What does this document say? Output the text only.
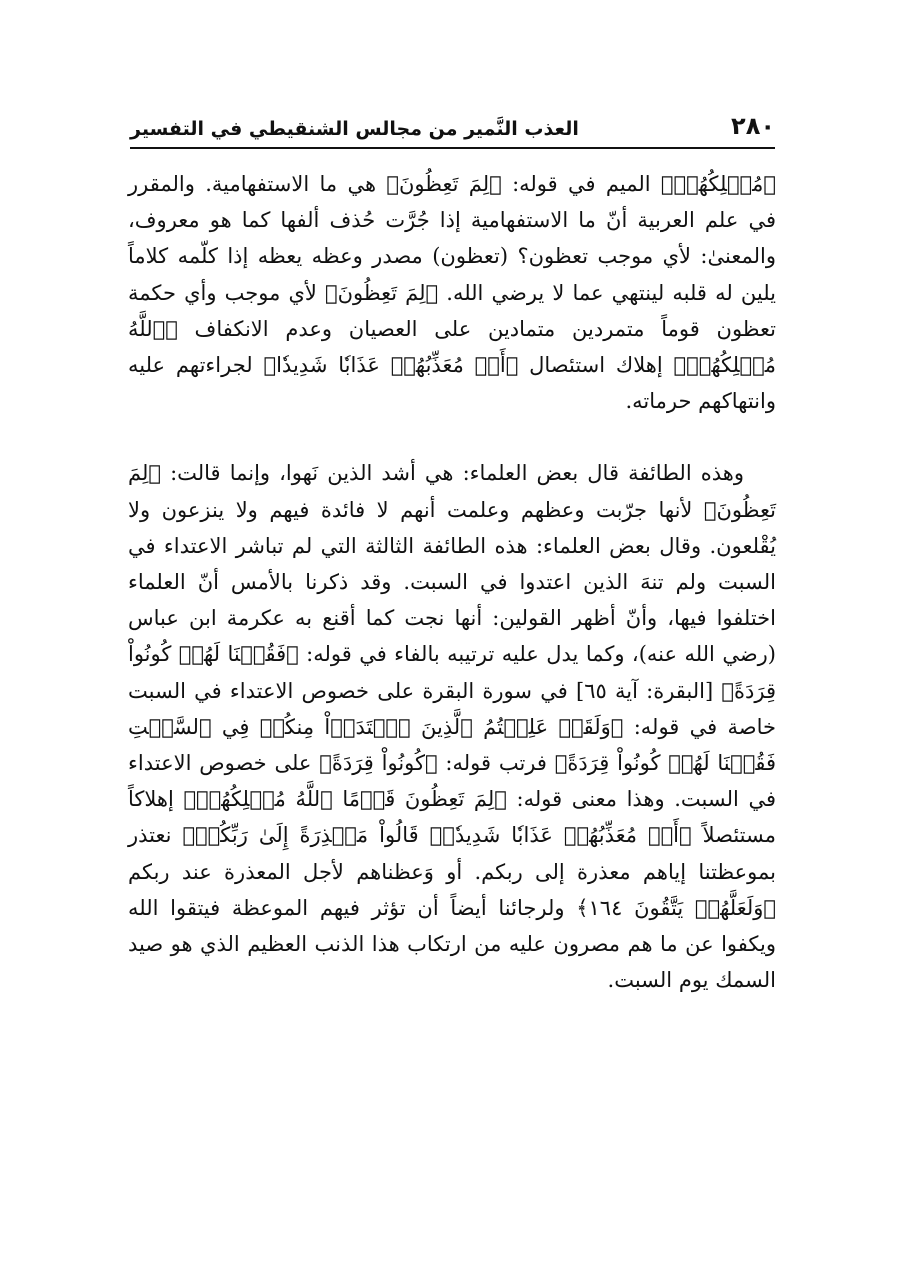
٢٨٠
العذب النَّمير من مجالس الشنقيطي في التفسير

﴿مُهۡلِكُهُمۡ﴾ الميم في قوله: ﴿لِمَ تَعِظُونَ﴾ هي ما الاستفهامية. والمقرر في علم العربية أنّ ما الاستفهامية إذا جُرَّت حُذف ألفها كما هو معروف، والمعنىٰ: لأي موجب تعظون؟ (تعظون) مصدر وعظه يعظه إذا كلّمه كلاماً يلين له قلبه لينتهي عما لا يرضي الله. ﴿لِمَ تَعِظُونَ﴾ لأي موجب وأي حكمة تعظون قوماً متمردين متمادين على العصيان وعدم الانكفاف ﴿ٱللَّهُ مُهۡلِكُهُمۡ﴾ إهلاك استئصال ﴿أَوۡ مُعَذِّبُهُمۡ عَذَابٗا شَدِيدٗا﴾ لجراءتهم عليه وانتهاكهم حرماته.

وهذه الطائفة قال بعض العلماء: هي أشد الذين نَهوا، وإنما قالت: ﴿لِمَ تَعِظُونَ﴾ لأنها جرّبت وعظهم وعلمت أنهم لا فائدة فيهم ولا ينزعون ولا يُقْلعون. وقال بعض العلماء: هذه الطائفة الثالثة التي لم تباشر الاعتداء في السبت ولم تنهَ الذين اعتدوا في السبت. وقد ذكرنا بالأمس أنّ العلماء اختلفوا فيها، وأنّ أظهر القولين: أنها نجت كما أقنع به عكرمة ابن عباس (رضي الله عنه)، وكما يدل عليه ترتيبه بالفاء في قوله: ﴿فَقُلۡنَا لَهُمۡ كُونُواْ قِرَدَةً﴾ [البقرة: آية ٦٥] في سورة البقرة على خصوص الاعتداء في السبت خاصة في قوله: ﴿وَلَقَدۡ عَلِمۡتُمُ ٱلَّذِينَ ٱعۡتَدَوۡاْ مِنكُمۡ فِي ٱلسَّبۡتِ فَقُلۡنَا لَهُمۡ كُونُواْ قِرَدَةً﴾ فرتب قوله: ﴿كُونُواْ قِرَدَةً﴾ على خصوص الاعتداء في السبت. وهذا معنى قوله: ﴿لِمَ تَعِظُونَ قَوۡمًا ٱللَّهُ مُهۡلِكُهُمۡ﴾ إهلاكاً مستئصلاً ﴿أَوۡ مُعَذِّبُهُمۡ عَذَابٗا شَدِيدٗاۖ قَالُواْ مَعۡذِرَةً إِلَىٰ رَبِّكُمۡ﴾ نعتذر بموعظتنا إياهم معذرة إلى ربكم. أو وَعظناهم لأجل المعذرة عند ربكم ﴿وَلَعَلَّهُمۡ يَتَّقُونَ ١٦٤﴾ ولرجائنا أيضاً أن تؤثر فيهم الموعظة فيتقوا الله ويكفوا عن ما هم مصرون عليه من ارتكاب هذا الذنب العظيم الذي هو صيد السمك يوم السبت.
